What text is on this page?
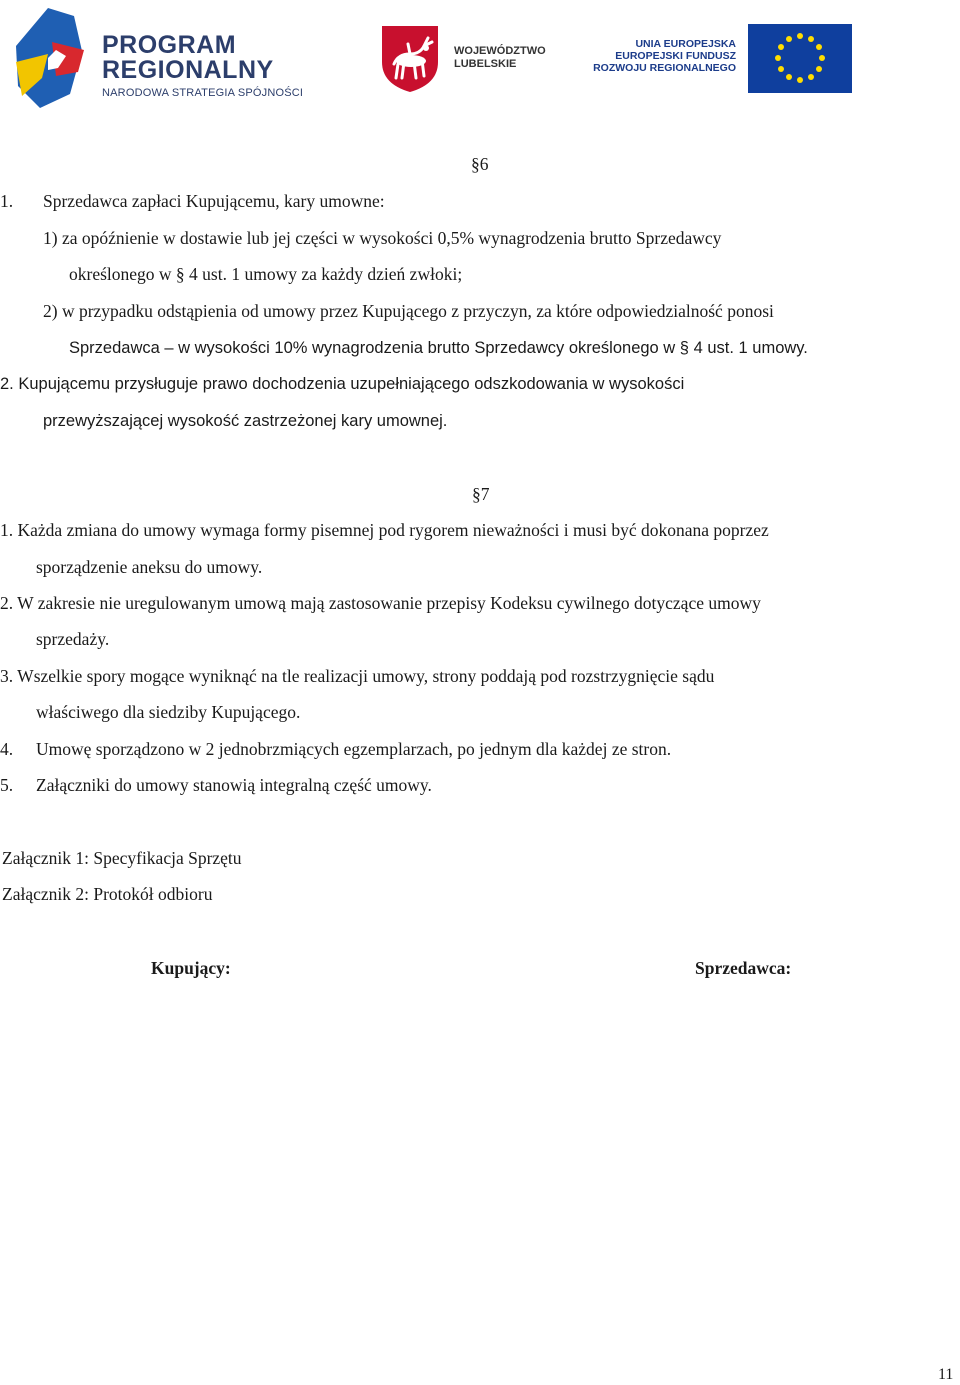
PROGRAM
REGIONALNY
NARODOWA STRATEGIA SPÓJNOŚCI
WOJEWÓDZTWO
LUBELSKIE
UNIA EUROPEJSKA
EUROPEJSKI FUNDUSZ
ROZWOJU REGIONALNEGO
§6
1. Sprzedawca zapłaci Kupującemu, kary umowne:
1) za opóźnienie w dostawie lub jej części w wysokości 0,5% wynagrodzenia brutto Sprzedawcy
określonego w § 4 ust. 1 umowy za każdy dzień zwłoki;
2) w przypadku odstąpienia od umowy przez Kupującego z przyczyn, za które odpowiedzialność ponosi
Sprzedawca – w wysokości 10% wynagrodzenia brutto Sprzedawcy określonego w § 4 ust. 1 umowy.
2. Kupującemu przysługuje prawo dochodzenia uzupełniającego odszkodowania w wysokości
przewyższającej wysokość zastrzeżonej kary umownej.
§7
1. Każda zmiana do umowy wymaga formy pisemnej pod rygorem nieważności i musi być dokonana poprzez
sporządzenie aneksu do umowy.
2. W zakresie nie uregulowanym umową mają zastosowanie przepisy Kodeksu cywilnego dotyczące umowy
sprzedaży.
3. Wszelkie spory mogące wyniknąć na tle realizacji umowy, strony poddają pod rozstrzygnięcie sądu
właściwego dla siedziby Kupującego.
4. Umowę sporządzono w 2 jednobrzmiących egzemplarzach, po jednym dla każdej ze stron.
5. Załączniki do umowy stanowią integralną część umowy.
Załącznik 1: Specyfikacja Sprzętu
Załącznik 2: Protokół odbioru
Kupujący:	Sprzedawca:
11
